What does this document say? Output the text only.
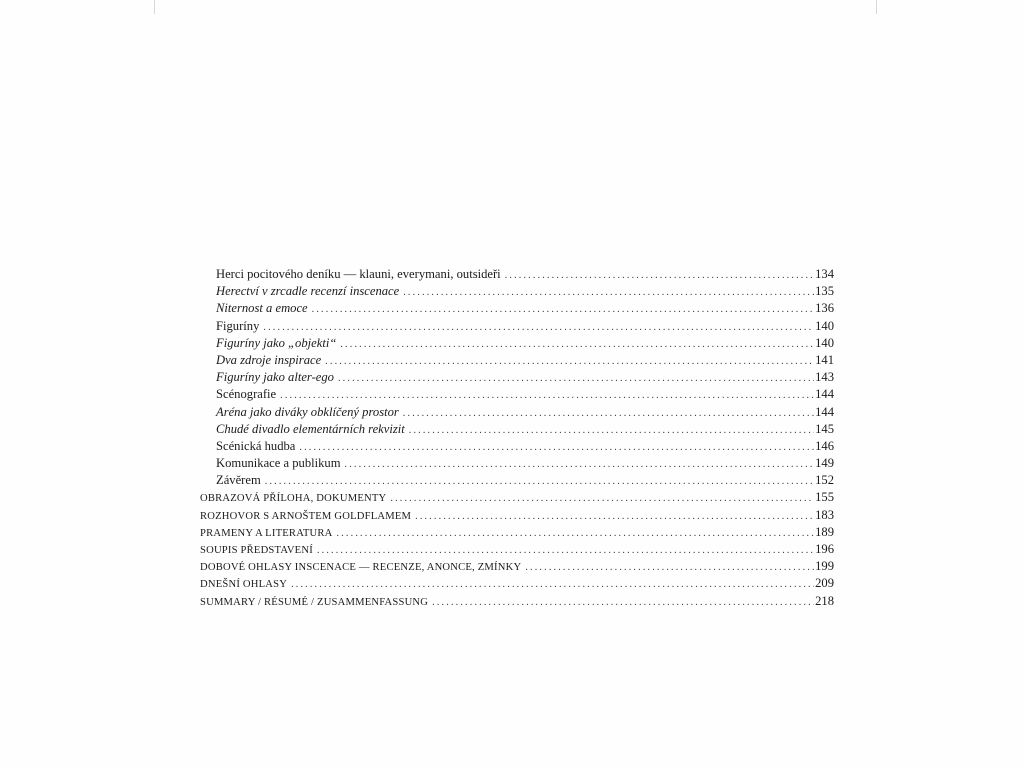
Herci pocitového deníku — klauni, everymani, outsideři .....	134
Herectví v zrcadle recenzí inscenace .....	135
Niternost a emoce .....	136
Figuríny .....	140
Figuríny jako „objekti“ .....	140
Dva zdroje inspirace .....	141
Figuríny jako alter-ego .....	143
Scénografie .....	144
Aréna jako diváky obklíčený prostor .....	144
Chudé divadlo elementárních rekvizit .....	145
Scénická hudba .....	146
Komunikace a publikum .....	149
Závěrem .....	152
OBRAZOVÁ PŘÍLOHA, DOKUMENTY .....	155
ROZHOVOR S ARNOŠTEM GOLDFLAMEM .....	183
PRAMENY A LITERATURA .....	189
SOUPIS PŘEDSTAVENÍ .....	196
DOBOVÉ OHLASY INSCENACE — RECENZE, ANONCE, ZMÍNKY .....	199
DNEŠNÍ OHLASY .....	209
SUMMARY / RÉSUMÉ / ZUSAMMENFASSUNG .....	218
